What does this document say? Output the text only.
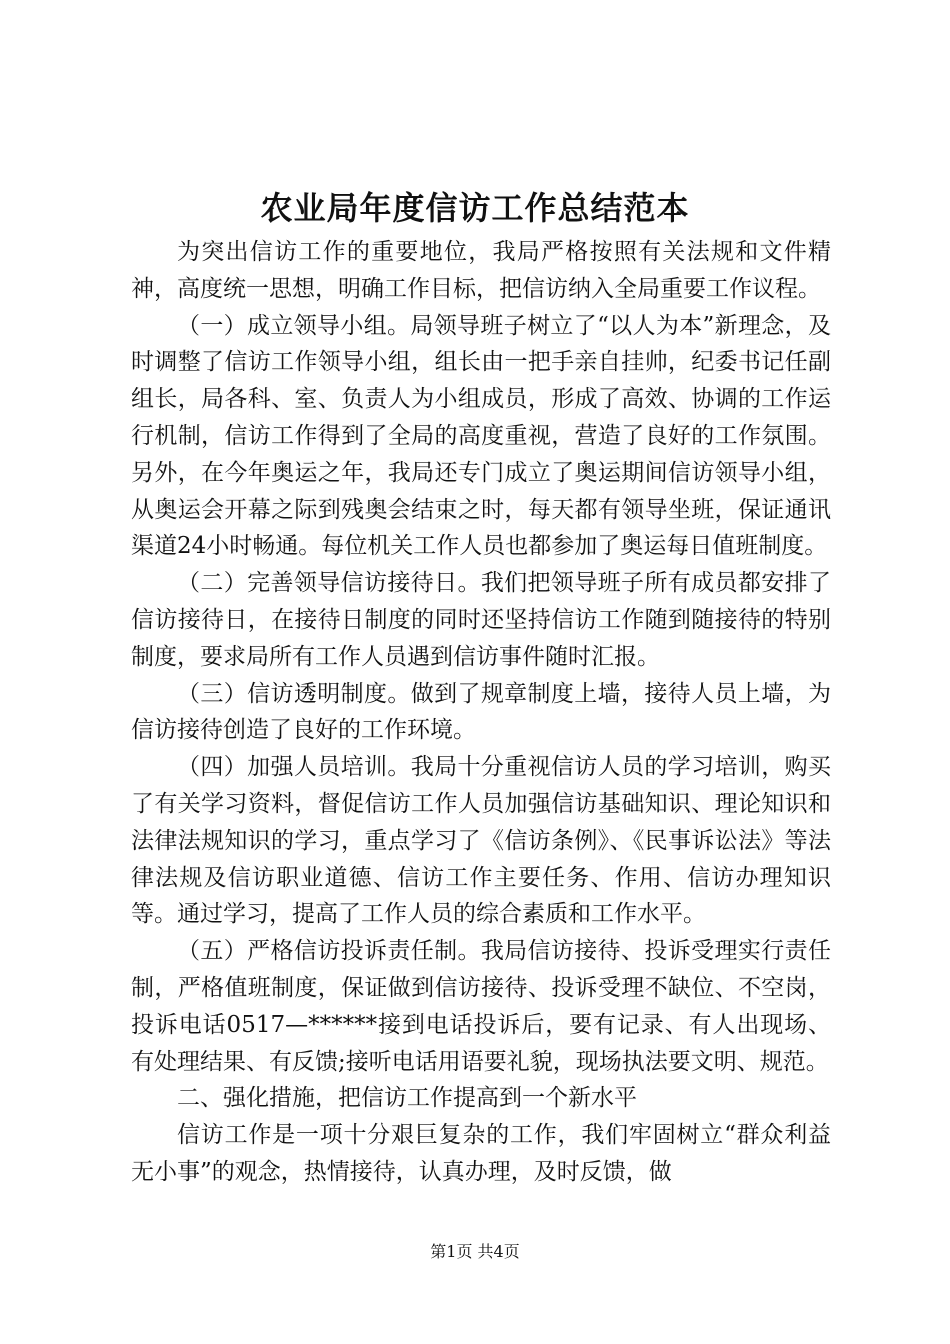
农业局年度信访工作总结范本

为突出信访工作的重要地位，我局严格按照有关法规和文件精神，高度统一思想，明确工作目标，把信访纳入全局重要工作议程。

（一）成立领导小组。局领导班子树立了“以人为本”新理念，及时调整了信访工作领导小组，组长由一把手亲自挂帅，纪委书记任副组长，局各科、室、负责人为小组成员，形成了高效、协调的工作运行机制，信访工作得到了全局的高度重视，营造了良好的工作氛围。另外，在今年奥运之年，我局还专门成立了奥运期间信访领导小组，从奥运会开幕之际到残奥会结束之时，每天都有领导坐班，保证通讯渠道24小时畅通。每位机关工作人员也都参加了奥运每日值班制度。

（二）完善领导信访接待日。我们把领导班子所有成员都安排了信访接待日，在接待日制度的同时还坚持信访工作随到随接待的特别制度，要求局所有工作人员遇到信访事件随时汇报。

（三）信访透明制度。做到了规章制度上墙，接待人员上墙，为信访接待创造了良好的工作环境。

（四）加强人员培训。我局十分重视信访人员的学习培训，购买了有关学习资料，督促信访工作人员加强信访基础知识、理论知识和法律法规知识的学习，重点学习了《信访条例》、《民事诉讼法》等法律法规及信访职业道德、信访工作主要任务、作用、信访办理知识等。通过学习，提高了工作人员的综合素质和工作水平。

（五）严格信访投诉责任制。我局信访接待、投诉受理实行责任制，严格值班制度，保证做到信访接待、投诉受理不缺位、不空岗，投诉电话0517—******接到电话投诉后，要有记录、有人出现场、有处理结果、有反馈;接听电话用语要礼貌，现场执法要文明、规范。

二、强化措施，把信访工作提高到一个新水平

信访工作是一项十分艰巨复杂的工作，我们牢固树立“群众利益无小事”的观念，热情接待，认真办理，及时反馈，做

第1页 共4页
